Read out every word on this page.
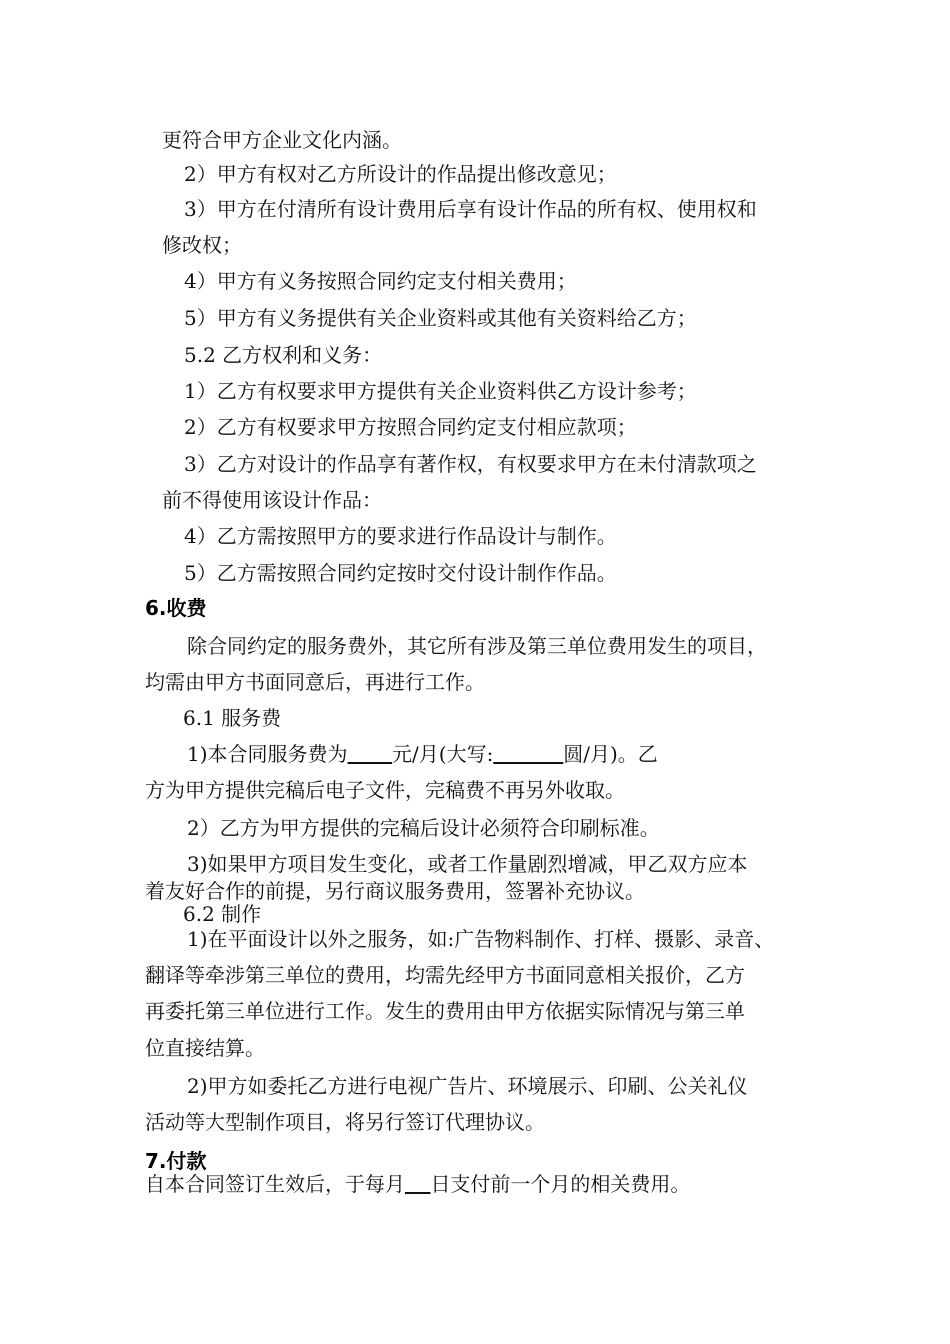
更符合甲方企业文化内涵。
2）甲方有权对乙方所设计的作品提出修改意见；
3）甲方在付清所有设计费用后享有设计作品的所有权、使用权和
修改权；
4）甲方有义务按照合同约定支付相关费用；
5）甲方有义务提供有关企业资料或其他有关资料给乙方；
5.2 乙方权利和义务：
1）乙方有权要求甲方提供有关企业资料供乙方设计参考；
2）乙方有权要求甲方按照合同约定支付相应款项；
3）乙方对设计的作品享有著作权，有权要求甲方在未付清款项之
前不得使用该设计作品：
4）乙方需按照甲方的要求进行作品设计与制作。
5）乙方需按照合同约定按时交付设计制作作品。
6.收费
除合同约定的服务费外，其它所有涉及第三单位费用发生的项目，
均需由甲方书面同意后，再进行工作。
6.1 服务费
1)本合同服务费为 元/月(大写:	圆/月)。乙
方为甲方提供完稿后电子文件，完稿费不再另外收取。
2）乙方为甲方提供的完稿后设计必须符合印刷标准。
3)如果甲方项目发生变化，或者工作量剧烈增减，甲乙双方应本
着友好合作的前提，另行商议服务费用，签署补充协议。
6.2 制作
1)在平面设计以外之服务，如:广告物料制作、打样、摄影、录音、
翻译等牵涉第三单位的费用，均需先经甲方书面同意相关报价，乙方
再委托第三单位进行工作。发生的费用由甲方依据实际情况与第三单
位直接结算。
2)甲方如委托乙方进行电视广告片、环境展示、印刷、公关礼仪
活动等大型制作项目，将另行签订代理协议。
7.付款
自本合同签订生效后，于每月 日支付前一个月的相关费用。
